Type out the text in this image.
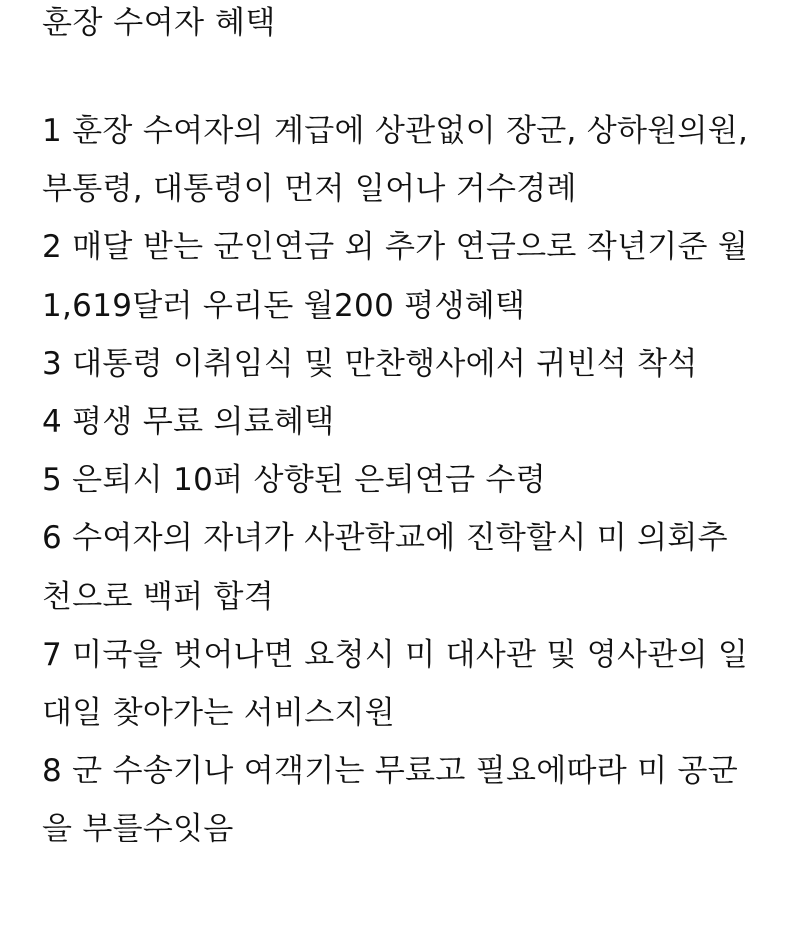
훈장 수여자 혜택
1 훈장 수여자의 계급에 상관없이 장군, 상하원의원,
부통령, 대통령이 먼저 일어나 거수경례
2 매달 받는 군인연금 외 추가 연금으로 작년기준 월
1,619달러 우리돈 월200 평생혜택
3 대통령 이취임식 및 만찬행사에서 귀빈석 착석
4 평생 무료 의료혜택
5 은퇴시 10퍼 상향된 은퇴연금 수령
6 수여자의 자녀가 사관학교에 진학할시 미 의회추
천으로 백퍼 합격
7 미국을 벗어나면 요청시 미 대사관 및 영사관의 일
대일 찾아가는 서비스지원
8 군 수송기나 여객기는 무료고 필요에따라 미 공군
을 부를수잇음
